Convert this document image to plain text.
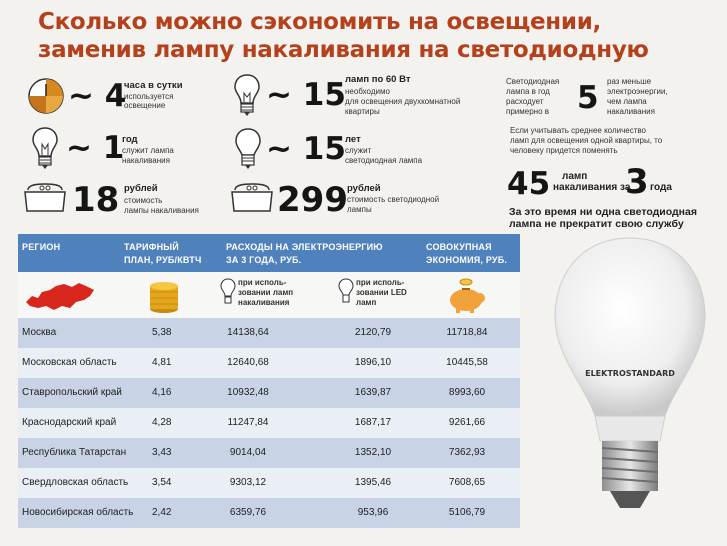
Сколько можно сэкономить на освещении,
заменив лампу накаливания на светодиодную
~ 4
часа в сутки
используется
освещение	~ 15 ламп по 60 Вт
необходимо
для освещения двухкомнатной
квартиры
~ 1
год
служит лампа
накаливания	~ 15 лет
служит
светодиодная лампа
18 рублей
стоимость
лампы накаливания 299 рублей
стоимость светодиодной
лампы
Светодиодная
лампа в год
расходует
примерно в 5 раз меньше
электроэнергии,
чем лампа
накаливания
Если учитывать среднее количество
ламп для освещения одной квартиры, то
человеку придется поменять
45 ламп
накаливания за
3 года
За это время ни одна светодиодная
лампа не прекратит свою службу
РЕГИОН	ТАРИФНЫЙ
ПЛАН, РУБ/КВТЧ
РАСХОДЫ НА ЭЛЕКТРОЭНЕРГИЮ
ЗА 3 ГОДА, РУБ.
СОВОКУПНАЯ
ЭКОНОМИЯ, РУБ.
при исполь-
зовании ламп
накаливания
при исполь-
зовании LED
ламп
Москва	5,38	14138,64	2120,79	11718,84
Московская область	4,81	12640,68	1896,10	10445,58
Ставропольский край	4,16	10932,48	1639,87	8993,60
Краснодарский край	4,28	11247,84	1687,17	9261,66
Республика Татарстан	3,43	9014,04	1352,10	7362,93
Свердловская область 3,54	9303,12	1395,46	7608,65
Новосибирская область 2,42	6359,76	953,96	5106,79
ELEKTROSTANDARD
